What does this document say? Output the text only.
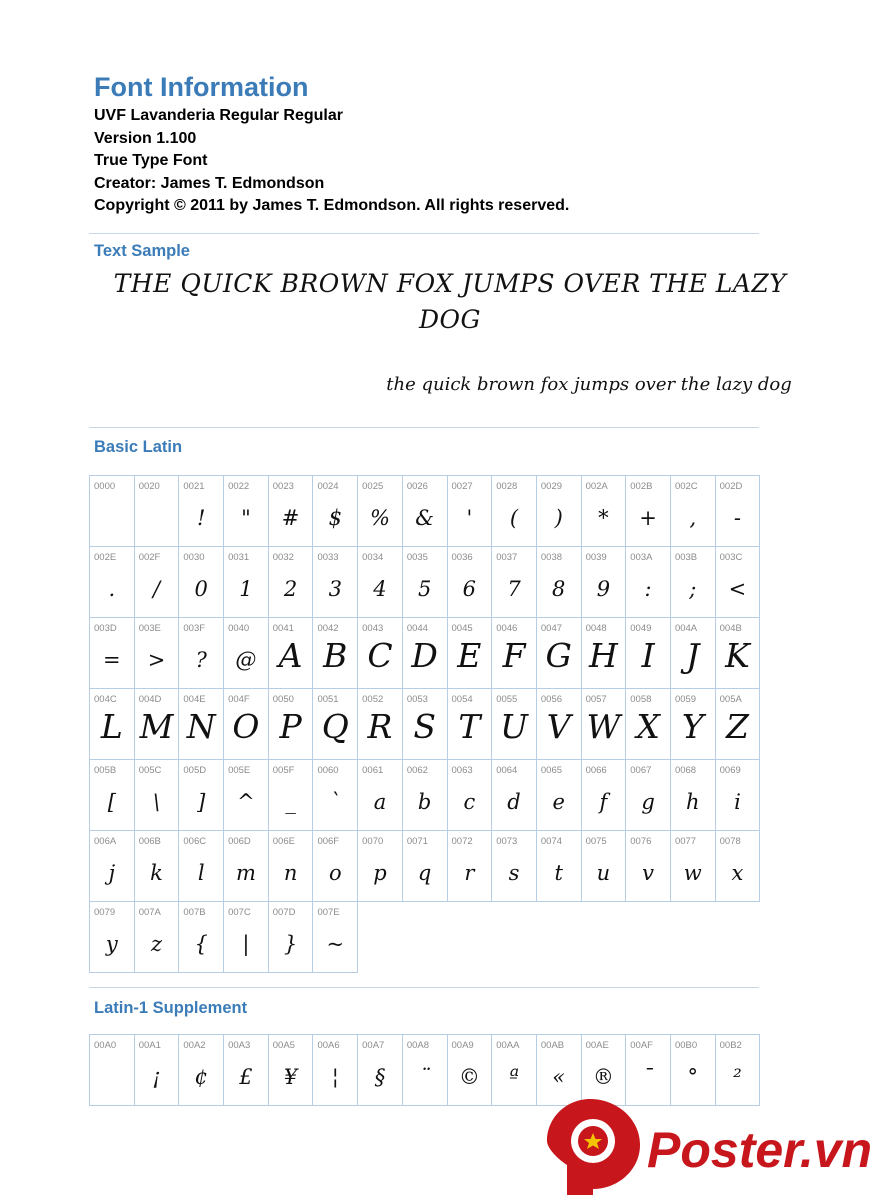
Font Information
UVF Lavanderia Regular Regular
Version 1.100
True Type Font
Creator: James T. Edmondson
Copyright © 2011 by James T. Edmondson. All rights reserved.
Text Sample
THE QUICK BROWN FOX JUMPS OVER THE LAZY DOG
the quick brown fox jumps over the lazy dog
Basic Latin
0000 0020 0021
!
0022
"
0023
#
0024
$
0025
%
0026
&
0027
'
0028
(
0029
)
002A
*
002B
+
002C
,
002D
-
002E
.
002F
/
0030
0
0031
1
0032
2
0033
3
0034
4
0035
5
0036
6
0037
7
0038
8
0039
9
003A
:
003B
;
003C
<
003D
=
003E
>
003F
?
0040
@
0041
A
0042
B
0043
C
0044
D
0045
E
0046
F
0047
G
0048
H
0049
I
004A
J
004B
K
004C
L
004D
M
004E
N
004F
O
0050
P
0051
Q
0052
R
0053
S
0054
T
0055
U
0056
V
0057
W
0058
X
0059
Y
005A
Z
005B
[
005C
\
005D
]
005E
^
005F
_
0060
`
0061
a
0062
b
0063
c
0064
d
0065
e
0066
f
0067
g
0068
h
0069
i
006A
j
006B
k
006C
l
006D
m
006E
n
006F
o
0070
p
0071
q
0072
r
0073
s
0074
t
0075
u
0076
v
0077
w
0078
x
0079
y
007A
z
007B
{
007C
|
007D
}
007E
~
Latin-1 Supplement
00A0 00A1
¡
00A2
¢
00A3
£
00A5
¥
00A6
¦
00A7
§
00A8
¨
00A9
©
00AA
ª
00AB
«
00AE
®
00AF
¯
00B0
°
00B2
²
Poster.vn
